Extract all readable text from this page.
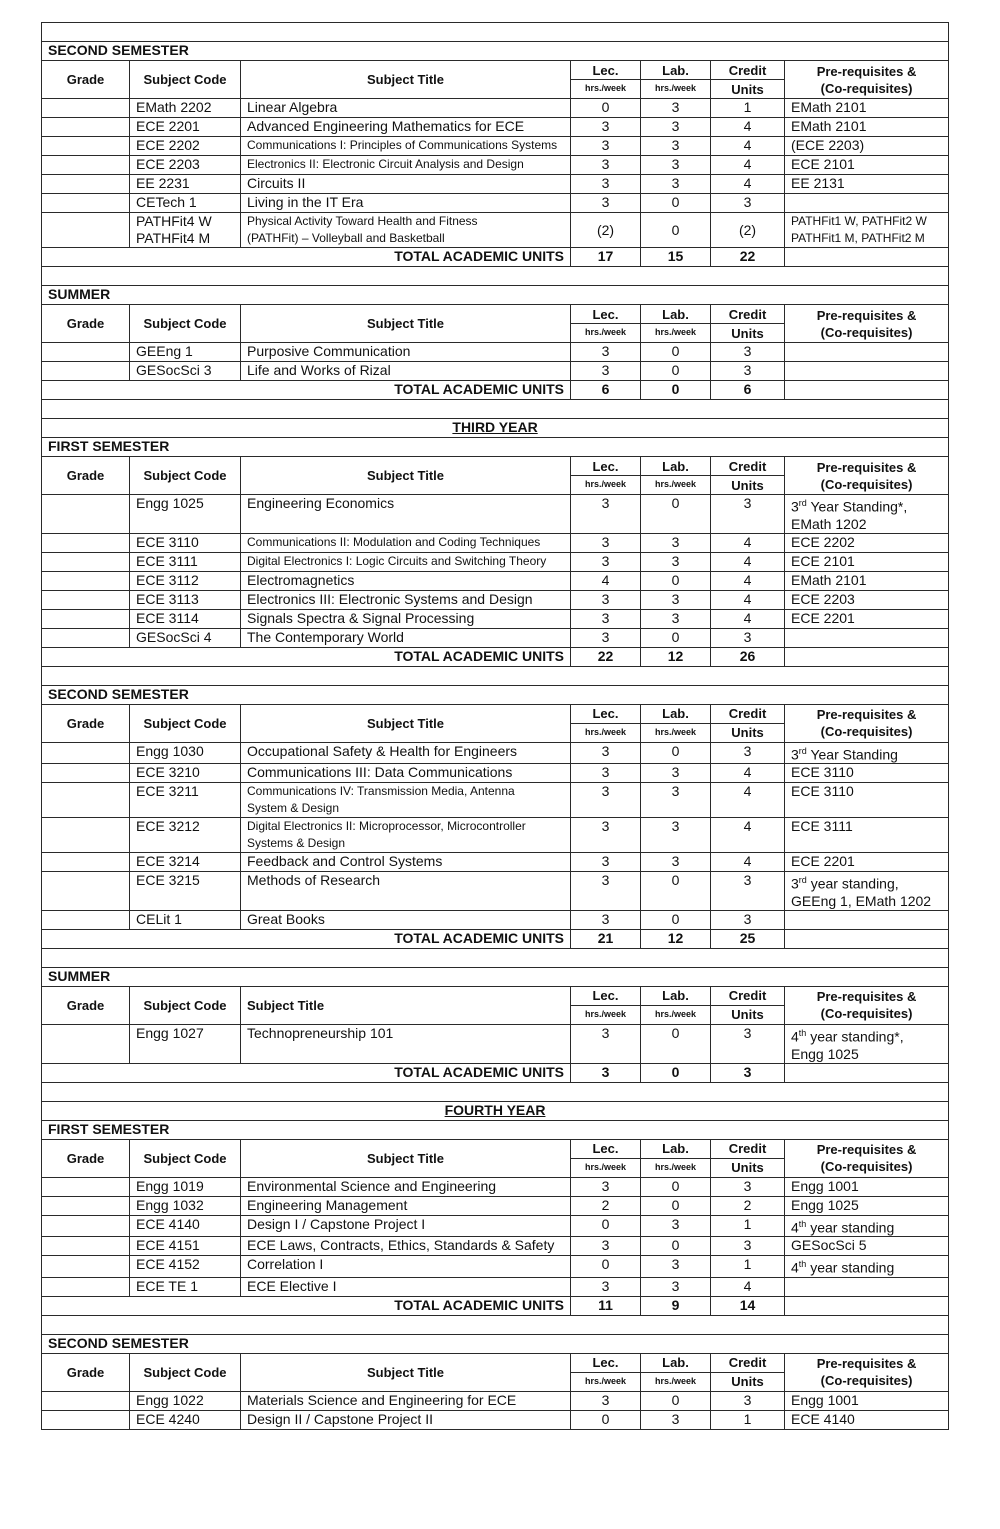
SECOND SEMESTER						
Grade	Subject Code	Subject Title	Lec.	Lab.	Credit	Pre-requisites &
(Co-requisites)
			hrs./week	hrs./week	Units	
	EMath 2202	Linear Algebra	0	3	1	EMath 2101
	ECE 2201	Advanced Engineering Mathematics for ECE	3	3	4	EMath 2101
	ECE 2202	Communications I: Principles of Communications Systems	3	3	4	(ECE 2203)
	ECE 2203	Electronics II: Electronic Circuit Analysis and Design	3	3	4	ECE 2101
	EE 2231	Circuits II	3	3	4	EE 2131
	CETech 1	Living in the IT Era	3	0	3	
	PATHFit4 W
PATHFit4 M	Physical Activity Toward Health and Fitness
(PATHFit) – Volleyball and Basketball	(2)	0	(2)	PATHFit1 W, PATHFit2 W
PATHFit1 M, PATHFit2 M
TOTAL ACADEMIC UNITS			17	15	22	

SUMMER						
Grade	Subject Code	Subject Title	Lec.	Lab.	Credit	Pre-requisites &
(Co-requisites)
			hrs./week	hrs./week	Units	
	GEEng 1	Purposive Communication	3	0	3	
	GESocSci 3	Life and Works of Rizal	3	0	3	
TOTAL ACADEMIC UNITS			6	0	6	

THIRD YEAR						
FIRST SEMESTER						
Grade	Subject Code	Subject Title	Lec.	Lab.	Credit	Pre-requisites &
(Co-requisites)
			hrs./week	hrs./week	Units	
	Engg 1025	Engineering Economics	3	0	3	3rd Year Standing*,
EMath 1202
	ECE 3110	Communications II: Modulation and Coding Techniques	3	3	4	ECE 2202
	ECE 3111	Digital Electronics I: Logic Circuits and Switching Theory	3	3	4	ECE 2101
	ECE 3112	Electromagnetics	4	0	4	EMath 2101
	ECE 3113	Electronics III: Electronic Systems and Design	3	3	4	ECE 2203
	ECE 3114	Signals Spectra & Signal Processing	3	3	4	ECE 2201
	GESocSci 4	The Contemporary World	3	0	3	
TOTAL ACADEMIC UNITS			22	12	26	

SECOND SEMESTER						
Grade	Subject Code	Subject Title	Lec.	Lab.	Credit	Pre-requisites &
(Co-requisites)
			hrs./week	hrs./week	Units	
	Engg 1030	Occupational Safety & Health for Engineers	3	0	3	3rd Year Standing
	ECE 3210	Communications III: Data Communications	3	3	4	ECE 3110
	ECE 3211	Communications IV: Transmission Media, Antenna
System & Design	3	3	4	ECE 3110
	ECE 3212	Digital Electronics II: Microprocessor, Microcontroller
Systems & Design	3	3	4	ECE 3111
	ECE 3214	Feedback and Control Systems	3	3	4	ECE 2201
	ECE 3215	Methods of Research	3	0	3	3rd year standing,
GEEng 1, EMath 1202
	CELit 1	Great Books	3	0	3	
TOTAL ACADEMIC UNITS			21	12	25	

SUMMER						
Grade	Subject Code	Subject Title	Lec.	Lab.	Credit	Pre-requisites &
(Co-requisites)
			hrs./week	hrs./week	Units	
	Engg 1027	Technopreneurship 101	3	0	3	4th year standing*,
Engg 1025
TOTAL ACADEMIC UNITS			3	0	3	

FOURTH YEAR						
FIRST SEMESTER						
Grade	Subject Code	Subject Title	Lec.	Lab.	Credit	Pre-requisites &
(Co-requisites)
			hrs./week	hrs./week	Units	
	Engg 1019	Environmental Science and Engineering	3	0	3	Engg 1001
	Engg 1032	Engineering Management	2	0	2	Engg 1025
	ECE 4140	Design I / Capstone Project I	0	3	1	4th year standing
	ECE 4151	ECE Laws, Contracts, Ethics, Standards & Safety	3	0	3	GESocSci 5
	ECE 4152	Correlation I	0	3	1	4th year standing
	ECE TE 1	ECE Elective I	3	3	4	
TOTAL ACADEMIC UNITS			11	9	14	

SECOND SEMESTER						
Grade	Subject Code	Subject Title	Lec.	Lab.	Credit	Pre-requisites &
(Co-requisites)
			hrs./week	hrs./week	Units	
	Engg 1022	Materials Science and Engineering for ECE	3	0	3	Engg 1001
	ECE 4240	Design II / Capstone Project II	0	3	1	ECE 4140
